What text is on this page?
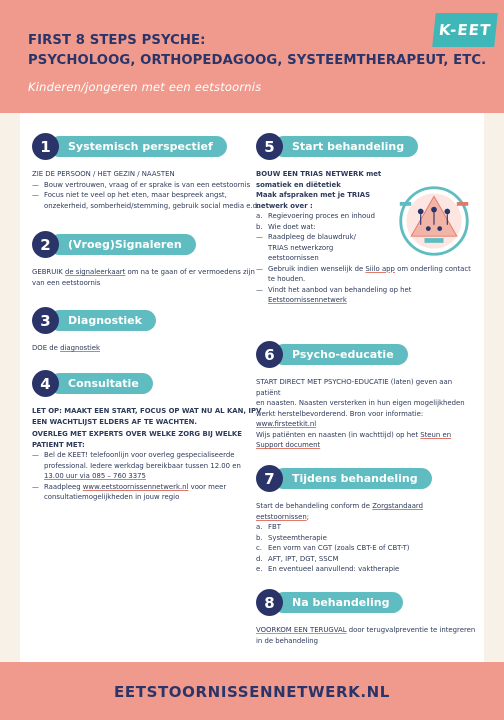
FIRST 8 STEPS PSYCHE:
PSYCHOLOOG, ORTHOPEDAGOOG, SYSTEEMTHERAPEUT, ETC.
Kinderen/jongeren met een eetstoornis
K-EET
1	Systemisch perspectief
ZIE DE PERSOON / HET GEZIN / NAASTEN
— Bouw vertrouwen, vraag of er sprake is van een eetstoornis
— Focus niet te veel op het eten, maar bespreek angst,
onzekerheid, somberheid/stemming, gebruik social media e.d.
2	(Vroeg)Signaleren
GEBRUIK de signaleerkaart om na te gaan of er vermoedens zijn
van een eetstoornis
3	Diagnostiek
DOE de diagnostiek
4	Consultatie
LET OP: MAAKT EEN START, FOCUS OP WAT NU AL KAN, IPV
EEN WACHTLIJST ELDERS AF TE WACHTEN.
OVERLEG MET EXPERTS OVER WELKE ZORG BIJ WELKE
PATIENT MET:
— Bel de KEET! telefoonlijn voor overleg gespecialiseerde
professional. Iedere werkdag bereikbaar tussen 12.00 en
13.00 uur via 085 – 760 3375
— Raadpleeg www.eetstoornissennetwerk.nl voor meer
consultatiemogelijkheden in jouw regio
5	Start behandeling
BOUW EEN TRIAS NETWERK met
somatiek en diëtetiek
Maak afspraken met je TRIAS
netwerk over :
a. Regievoering proces en inhoud
b. Wie doet wat:
— Raadpleeg de blauwdruk/
TRIAS netwerkzorg
eetstoornissen
— Gebruik indien wenselijk de Siilo app om onderling contact
te houden.
— Vindt het aanbod van behandeling op het
Eetstoornissennetwerk
6	Psycho-educatie
START DIRECT MET PSYCHO-EDUCATIE (laten) geven aan patiënt
en naasten. Naasten versterken in hun eigen mogelijkheden
werkt herstelbevorderend. Bron voor informatie:
www.firsteetkit.nl
Wijs patiënten en naasten (in wachttijd) op het Steun en
Support document
7	Tijdens behandeling
Start de behandeling conform de Zorgstandaard eetstoornissen;
a. FBT
b. Systeemtherapie
c. Een vorm van CGT (zoals CBT-E of CBT-T)
d. AFT, IPT, DGT, SSCM
e. En eventueel aanvullend: vaktherapie
8	Na behandeling
VOORKOM EEN TERUGVAL door terugvalpreventie te integreren
in de behandeling
EETSTOORNISSENNETWERK.NL
